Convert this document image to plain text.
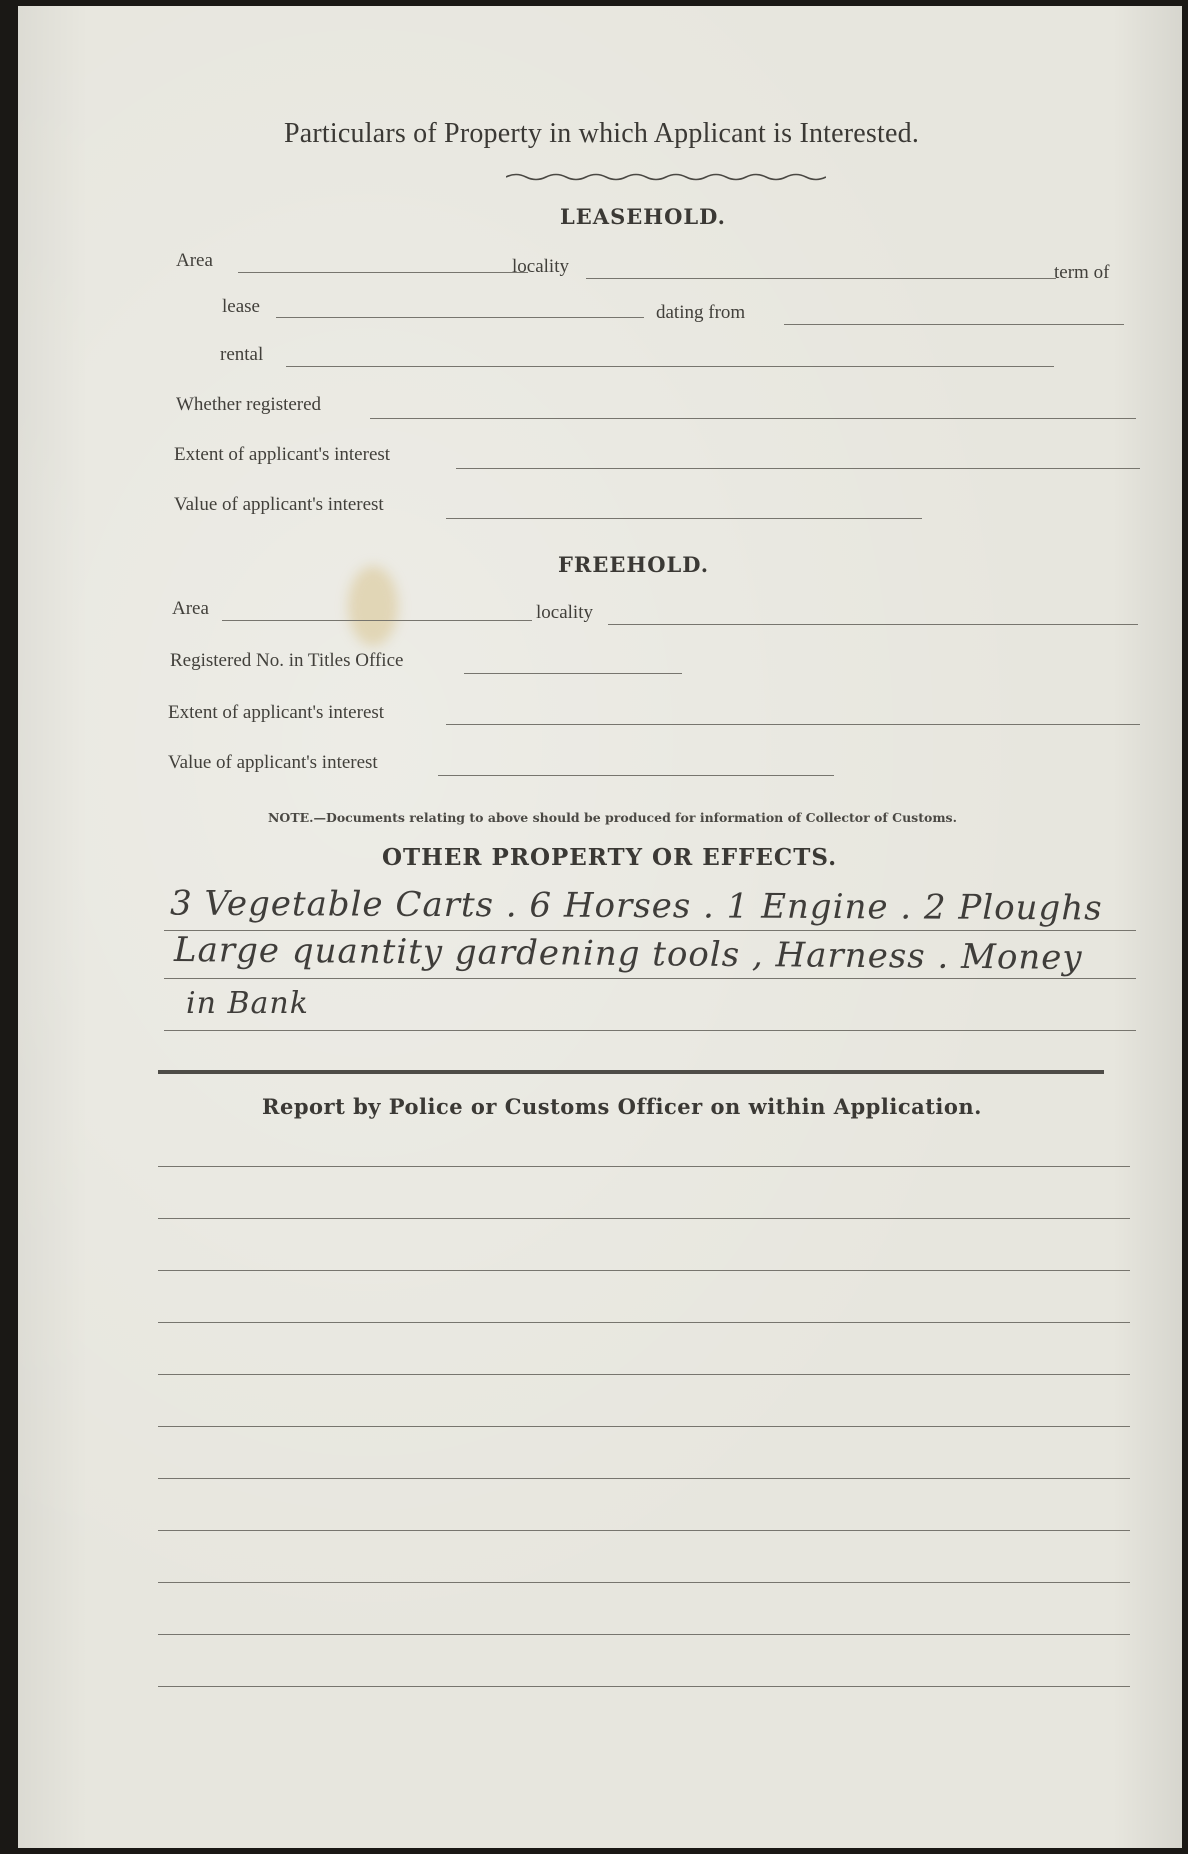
Particulars of Property in which Applicant is Interested.
LEASEHOLD.
Area	locality	term of
lease	dating from
rental
Whether registered
Extent of applicant's interest
Value of applicant's interest
FREEHOLD.
Area	locality
Registered No. in Titles Office
Extent of applicant's interest
Value of applicant's interest
NOTE.—Documents relating to above should be produced for information of Collector of Customs.
OTHER PROPERTY OR EFFECTS.
3 Vegetable Carts . 6 Horses . 1 Engine . 2 Ploughs
Large quantity gardening tools , Harness . Money
in Bank
Report by Police or Customs Officer on within Application.
